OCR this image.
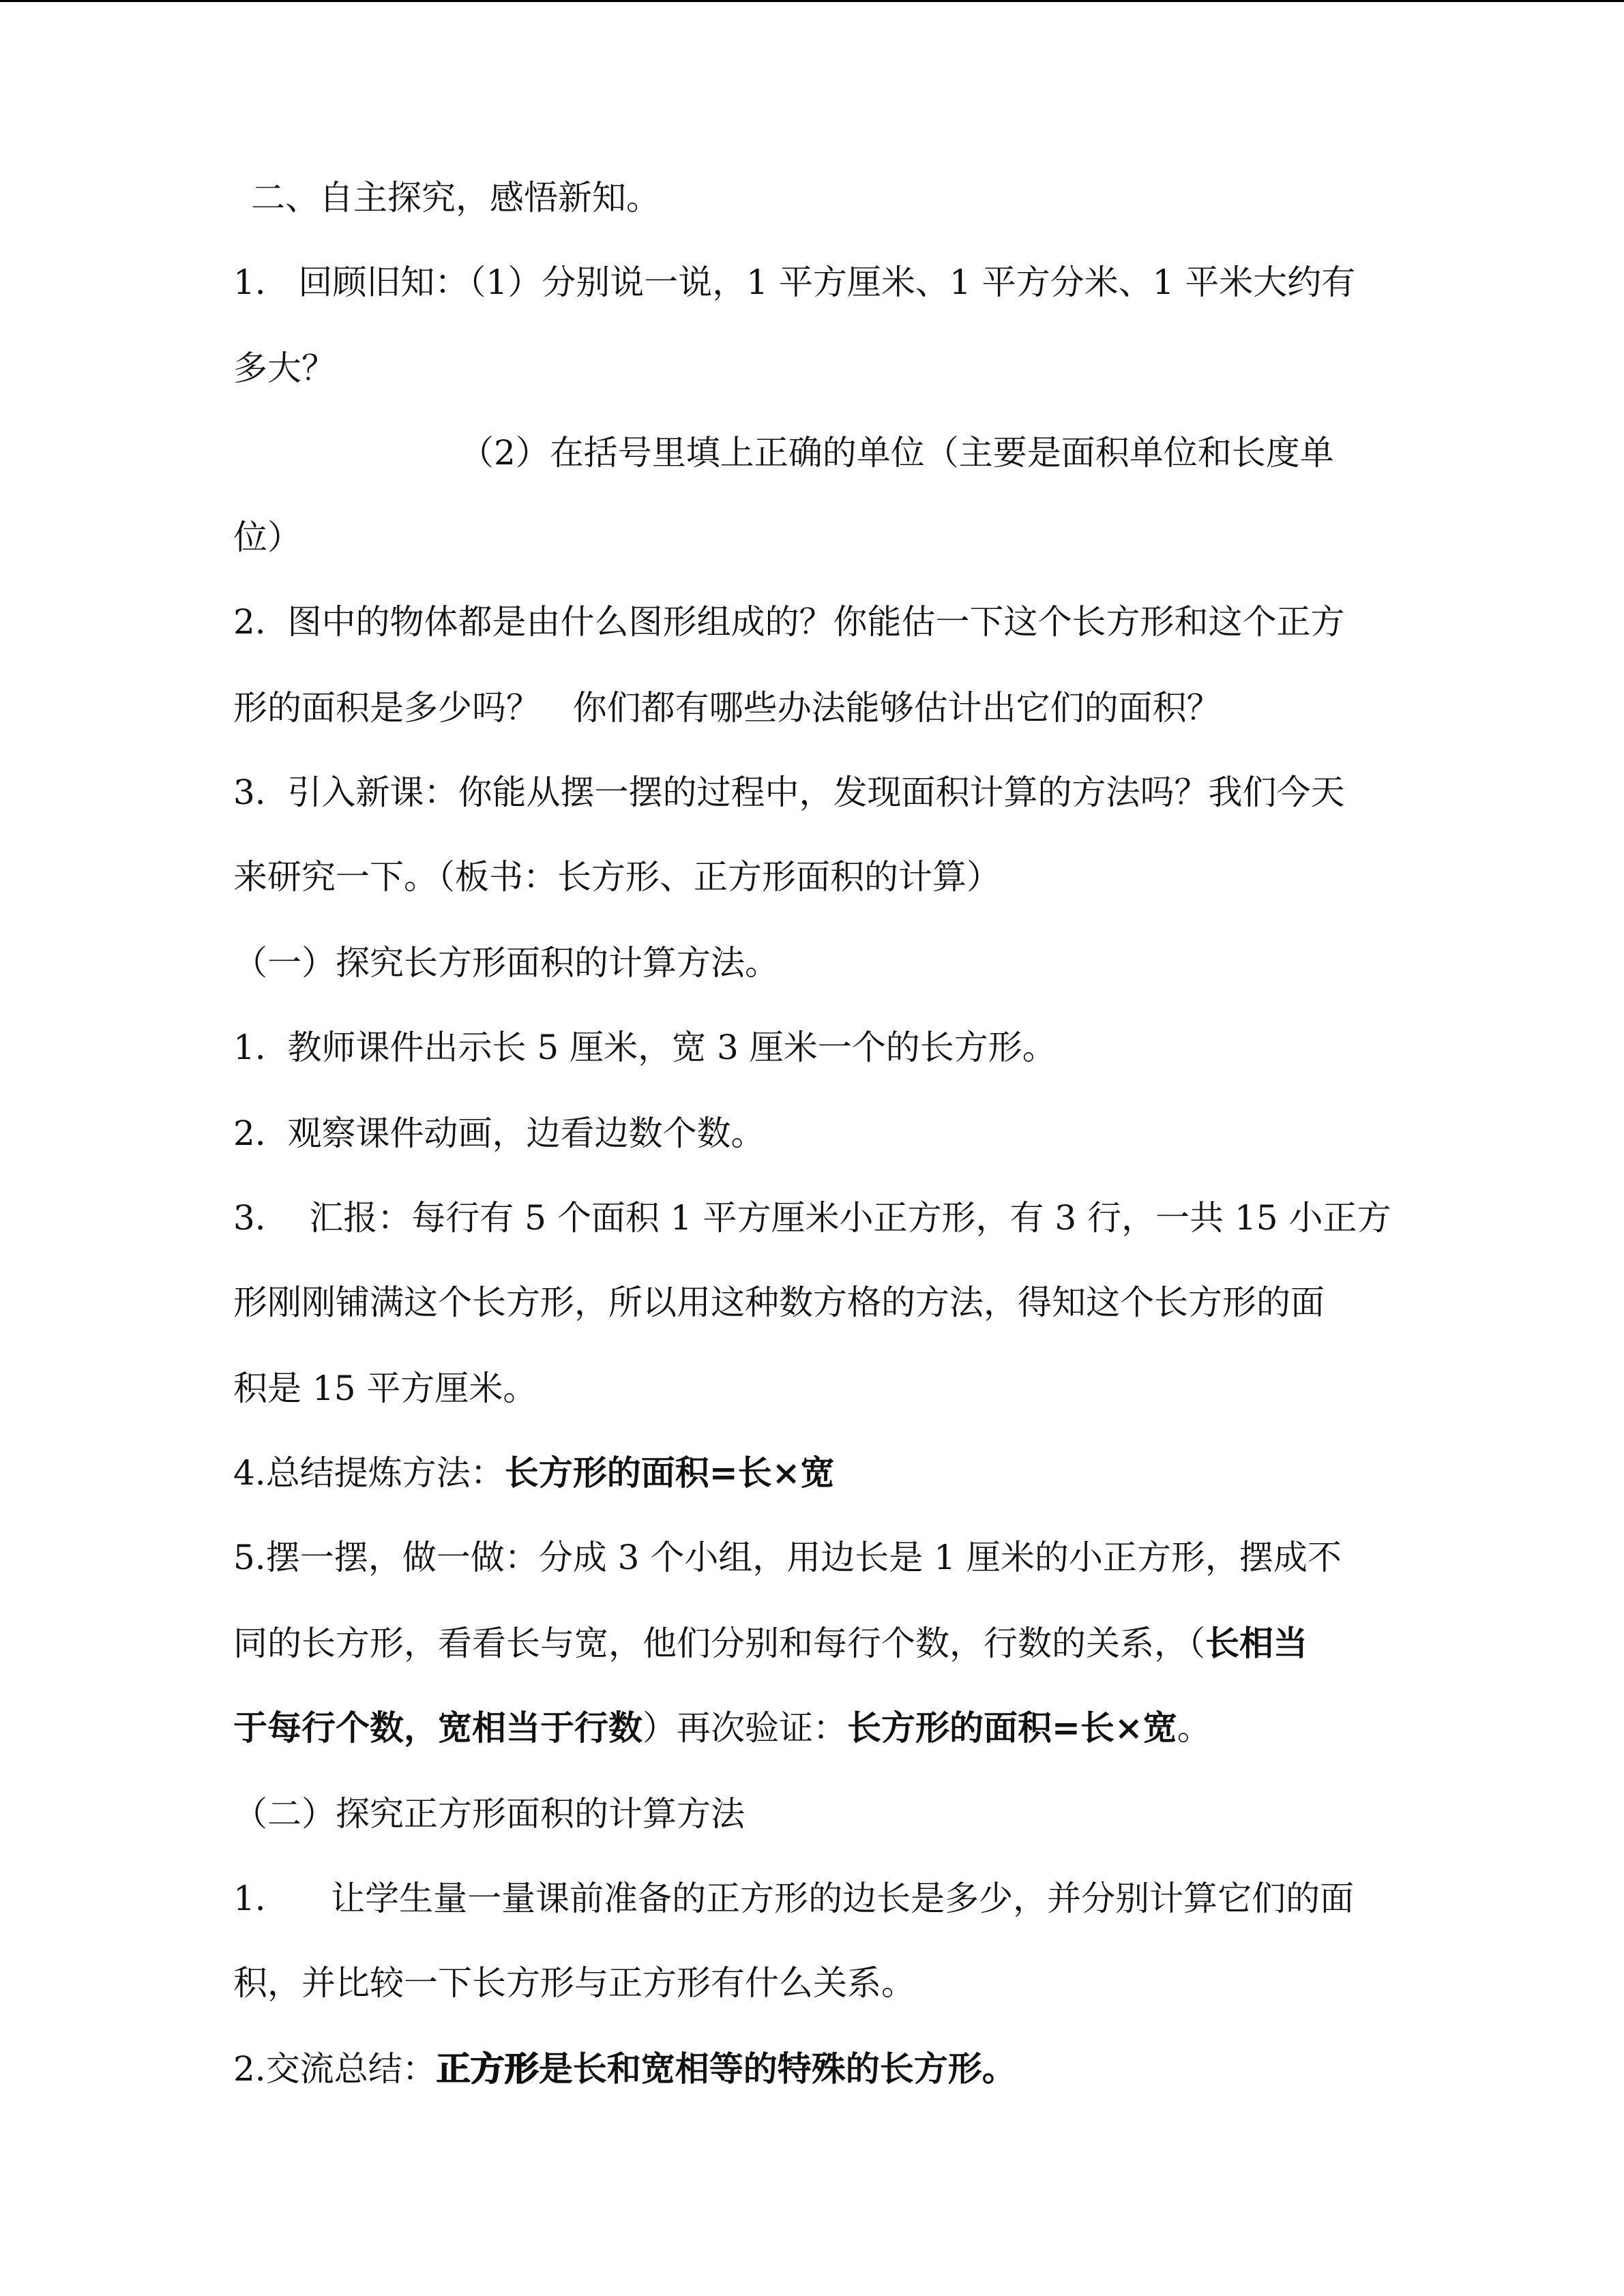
二、自主探究，感悟新知。

1.   回顾旧知：（1）分别说一说，1 平方厘米、1 平方分米、1 平米大约有

多大？

（2）在括号里填上正确的单位（主要是面积单位和长度单

位）

2.  图中的物体都是由什么图形组成的？你能估一下这个长方形和这个正方

形的面积是多少吗？   你们都有哪些办法能够估计出它们的面积？

3.  引入新课：你能从摆一摆的过程中，发现面积计算的方法吗？我们今天

来研究一下。（板书：长方形、正方形面积的计算）

（一）探究长方形面积的计算方法。

1.  教师课件出示长 5 厘米，宽 3 厘米一个的长方形。

2.  观察课件动画，边看边数个数。

3.    汇报：每行有 5 个面积 1 平方厘米小正方形，有 3 行，一共 15 小正方

形刚刚铺满这个长方形，所以用这种数方格的方法，得知这个长方形的面

积是 15 平方厘米。

4.总结提炼方法：长方形的面积=长×宽

5.摆一摆，做一做：分成 3 个小组，用边长是 1 厘米的小正方形，摆成不

同的长方形，看看长与宽，他们分别和每行个数，行数的关系，（长相当

于每行个数，宽相当于行数）再次验证：长方形的面积=长×宽。

（二）探究正方形面积的计算方法

1.      让学生量一量课前准备的正方形的边长是多少，并分别计算它们的面

积，并比较一下长方形与正方形有什么关系。

2.交流总结：正方形是长和宽相等的特殊的长方形。
